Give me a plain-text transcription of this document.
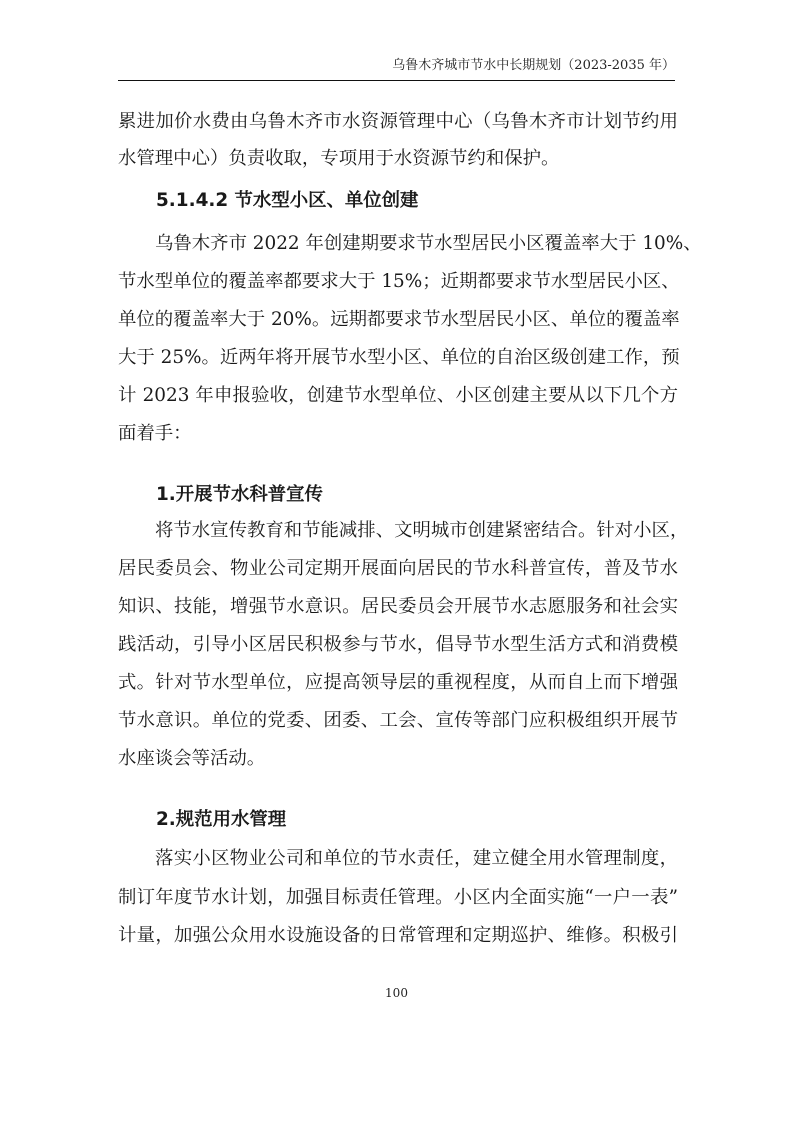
乌鲁木齐城市节水中长期规划（2023-2035 年）
累进加价水费由乌鲁木齐市水资源管理中心（乌鲁木齐市计划节约用
水管理中心）负责收取，专项用于水资源节约和保护。
5.1.4.2 节水型小区、单位创建
乌鲁木齐市 2022 年创建期要求节水型居民小区覆盖率大于 10%、
节水型单位的覆盖率都要求大于 15%；近期都要求节水型居民小区、
单位的覆盖率大于 20%。远期都要求节水型居民小区、单位的覆盖率
大于 25%。近两年将开展节水型小区、单位的自治区级创建工作，预
计 2023 年申报验收，创建节水型单位、小区创建主要从以下几个方
面着手：
1.开展节水科普宣传
将节水宣传教育和节能减排、文明城市创建紧密结合。针对小区，
居民委员会、物业公司定期开展面向居民的节水科普宣传，普及节水
知识、技能，增强节水意识。居民委员会开展节水志愿服务和社会实
践活动，引导小区居民积极参与节水，倡导节水型生活方式和消费模
式。针对节水型单位，应提高领导层的重视程度，从而自上而下增强
节水意识。单位的党委、团委、工会、宣传等部门应积极组织开展节
水座谈会等活动。
2.规范用水管理
落实小区物业公司和单位的节水责任，建立健全用水管理制度，
制订年度节水计划，加强目标责任管理。小区内全面实施“一户一表”
计量，加强公众用水设施设备的日常管理和定期巡护、维修。积极引
100
